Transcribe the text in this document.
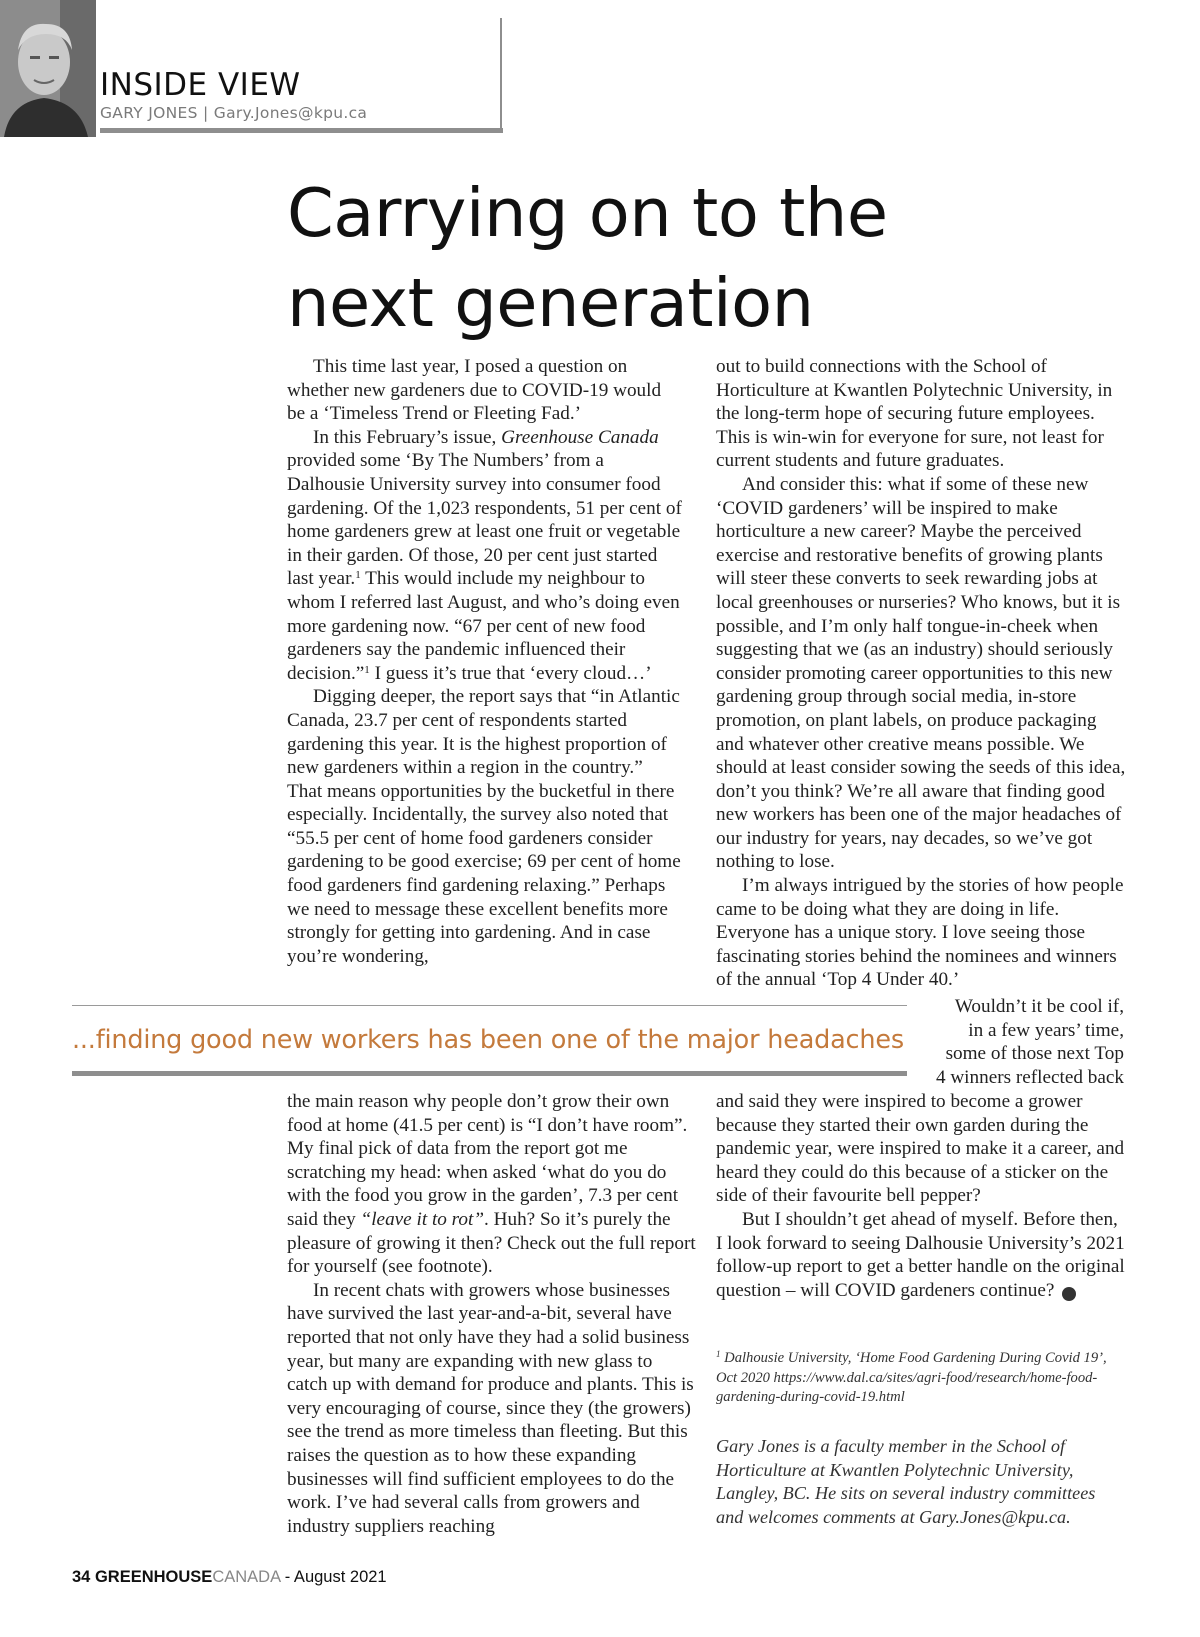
INSIDE VIEW
GARY JONES | Gary.Jones@kpu.ca
Carrying on to the
next generation

This time last year, I posed a question on whether new gardeners due to COVID-19 would be a ‘Timeless Trend or Fleeting Fad.’

In this February’s issue, Greenhouse Canada provided some ‘By The Numbers’ from a Dalhousie University survey into consumer food gardening. Of the 1,023 respondents, 51 per cent of home gardeners grew at least one fruit or vegetable in their garden. Of those, 20 per cent just started last year.$^1$ This would include my neighbour to whom I referred last August, and who’s doing even more gardening now. “67 per cent of new food gardeners say the pandemic influenced their decision.”$^1$ I guess it’s true that ‘every cloud…’

Digging deeper, the report says that “in Atlantic Canada, 23.7 per cent of respondents started gardening this year. It is the highest proportion of new gardeners within a region in the country.” That means opportunities by the bucketful in there especially. Incidentally, the survey also noted that “55.5 per cent of home food gardeners consider gardening to be good exercise; 69 per cent of home food gardeners find gardening relaxing.” Perhaps we need to message these excellent benefits more strongly for getting into gardening. And in case you’re wondering,

out to build connections with the School of Horticulture at Kwantlen Polytechnic University, in the long-term hope of securing future employees. This is win-win for everyone for sure, not least for current students and future graduates.

And consider this: what if some of these new ‘COVID gardeners’ will be inspired to make horticulture a new career? Maybe the perceived exercise and restorative benefits of growing plants will steer these converts to seek rewarding jobs at local greenhouses or nurseries? Who knows, but it is possible, and I’m only half tongue-in-cheek when suggesting that we (as an industry) should seriously consider promoting career opportunities to this new gardening group through social media, in-store promotion, on plant labels, on produce packaging and whatever other creative means possible. We should at least consider sowing the seeds of this idea, don’t you think? We’re all aware that finding good new workers has been one of the major headaches of our industry for years, nay decades, so we’ve got nothing to lose.

I’m always intrigued by the stories of how people came to be doing what they are doing in life. Everyone has a unique story. I love seeing those fascinating stories behind the nominees and winners of the annual ‘Top 4 Under 40.’

...finding good new workers has been one of the major headaches
Wouldn’t it be cool if,
in a few years’ time,
some of those next Top
4 winners reflected back

the main reason why people don’t grow their own food at home (41.5 per cent) is “I don’t have room”. My final pick of data from the report got me scratching my head: when asked ‘what do you do with the food you grow in the garden’, 7.3 per cent said they “leave it to rot”. Huh? So it’s purely the pleasure of growing it then? Check out the full report for yourself (see footnote).

In recent chats with growers whose businesses have survived the last year-and-a-bit, several have reported that not only have they had a solid business year, but many are expanding with new glass to catch up with demand for produce and plants. This is very encouraging of course, since they (the growers) see the trend as more timeless than fleeting. But this raises the question as to how these expanding businesses will find sufficient employees to do the work. I’ve had several calls from growers and industry suppliers reaching

and said they were inspired to become a grower because they started their own garden during the pandemic year, were inspired to make it a career, and heard they could do this because of a sticker on the side of their favourite bell pepper?

But I shouldn’t get ahead of myself. Before then, I look forward to seeing Dalhousie University’s 2021 follow-up report to get a better handle on the original question – will COVID gardeners continue?	GC

$^1$ Dalhousie University, ‘Home Food Gardening During Covid 19’, Oct 2020 https://www.dal.ca/sites/agri-food/research/home-food-gardening-during-covid-19.html
Gary Jones is a faculty member in the School of Horticulture at Kwantlen Polytechnic University, Langley, BC. He sits on several industry committees and welcomes comments at Gary.Jones@kpu.ca.
34 GREENHOUSECANADA - August 2021
